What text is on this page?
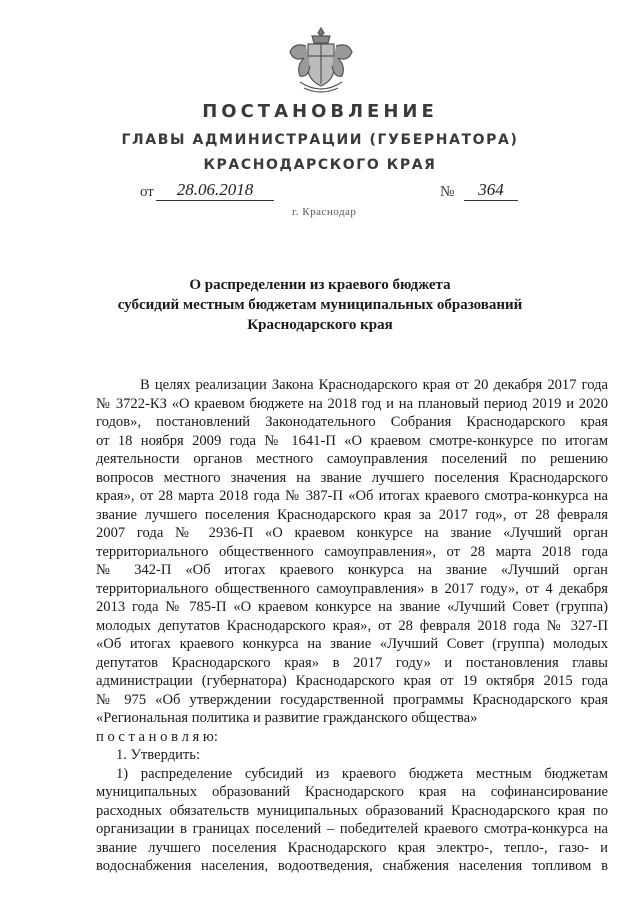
ПОСТАНОВЛЕНИЕ
ГЛАВЫ АДМИНИСТРАЦИИ (ГУБЕРНАТОРА)
КРАСНОДАРСКОГО КРАЯ
от	28.06.2018	№	364
г. Краснодар
О распределении из краевого бюджета
субсидий местным бюджетам муниципальных образований
Краснодарского края
В целях реализации Закона Краснодарского края от 20 декабря 2017 года
№ 3722-КЗ «О краевом бюджете на 2018 год и на плановый период 2019 и 2020
годов», постановлений Законодательного Собрания Краснодарского края
от 18 ноября 2009 года № 1641-П «О краевом смотре-конкурсе по итогам
деятельности органов местного самоуправления поселений по решению
вопросов местного значения на звание лучшего поселения Краснодарского
края», от 28 марта 2018 года № 387-П «Об итогах краевого смотра-конкурса на
звание лучшего поселения Краснодарского края за 2017 год», от 28 февраля
2007 года № 2936-П «О краевом конкурсе на звание «Лучший орган
территориального общественного самоуправления», от 28 марта 2018 года
№ 342-П «Об итогах краевого конкурса на звание «Лучший орган
территориального общественного самоуправления» в 2017 году», от 4 декабря
2013 года № 785-П «О краевом конкурсе на звание «Лучший Совет (группа)
молодых депутатов Краснодарского края», от 28 февраля 2018 года № 327-П
«Об итогах краевого конкурса на звание «Лучший Совет (группа) молодых
депутатов Краснодарского края» в 2017 году» и постановления главы
администрации (губернатора) Краснодарского края от 19 октября 2015 года
№ 975 «Об утверждении государственной программы Краснодарского края
«Региональная политика и развитие гражданского общества»
п о с т а н о в л я ю:
1. Утвердить:
1) распределение субсидий из краевого бюджета местным бюджетам
муниципальных образований Краснодарского края на софинансирование
расходных обязательств муниципальных образований Краснодарского края по
организации в границах поселений – победителей краевого смотра-конкурса на
звание лучшего поселения Краснодарского края электро-, тепло-, газо- и
водоснабжения населения, водоотведения, снабжения населения топливом в
